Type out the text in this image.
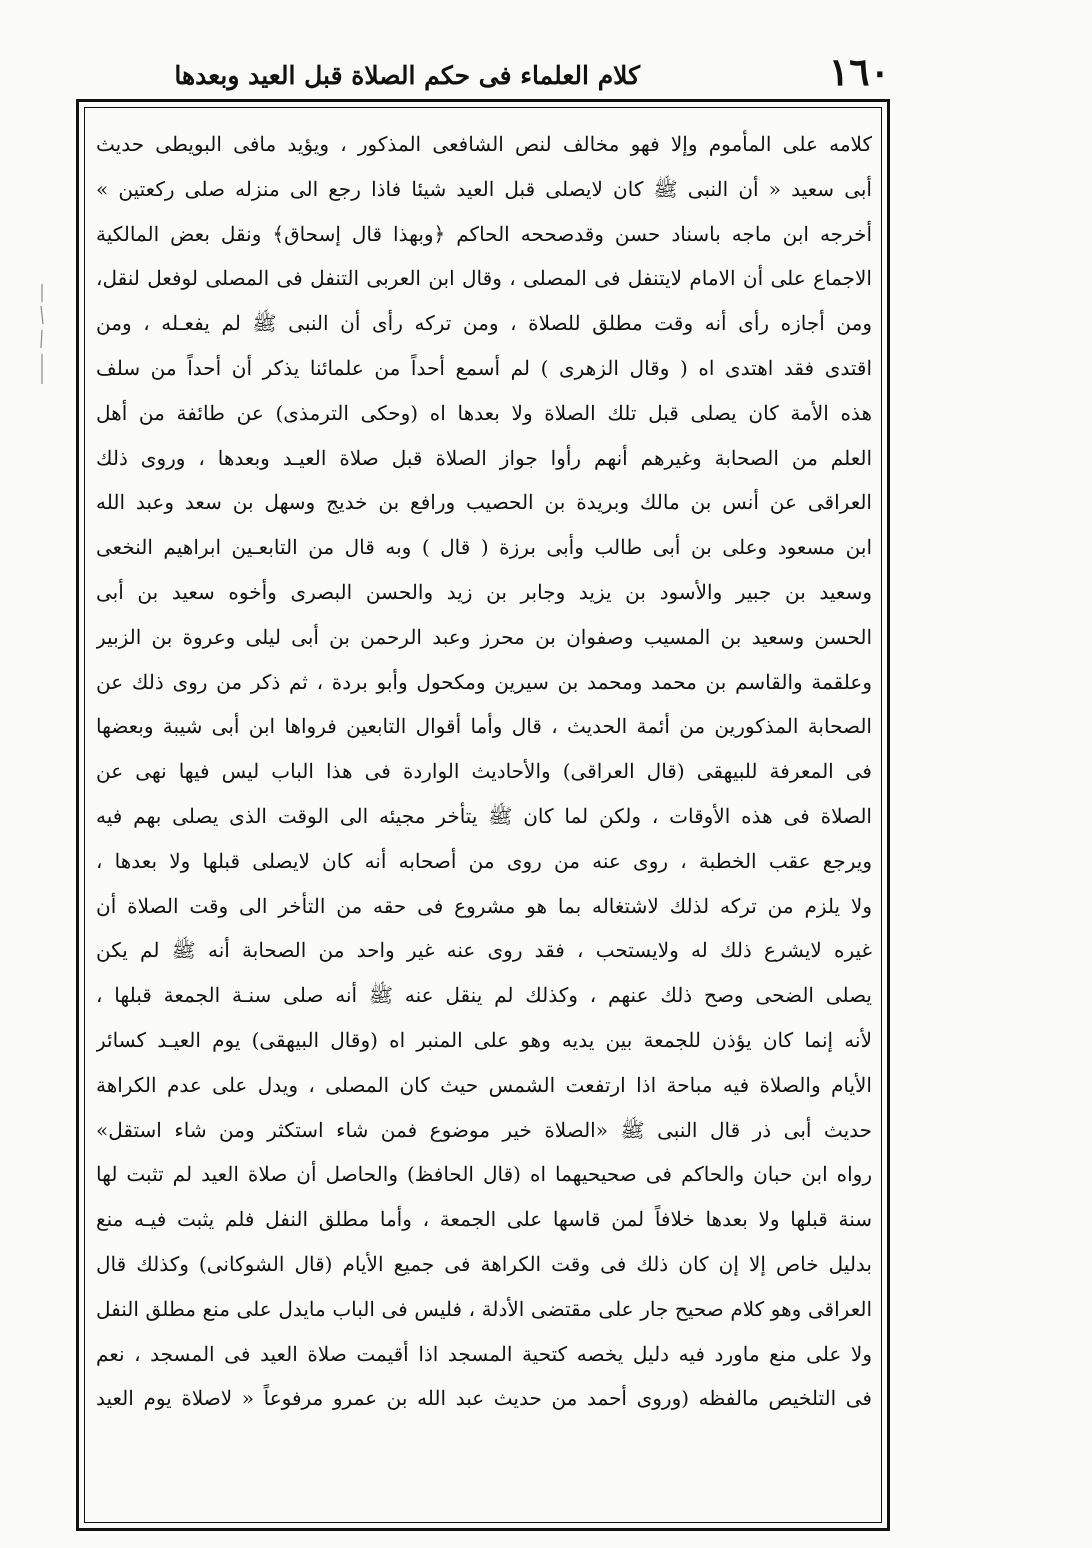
١٦٠
كلام العلماء فى حكم الصلاة قبل العيد وبعدها
كلامه على المأموم وإلا فهو مخالف لنص الشافعى المذكور ، ويؤيد مافى البويطى حديث
أبى سعيد « أن النبى ﷺ كان لايصلى قبل العيد شيئا فاذا رجع الى منزله صلى ركعتين »
أخرجه ابن ماجه باسناد حسن وقدصححه الحاكم ﴿وبهذا قال إسحاق﴾ ونقل بعض المالكية
الاجماع على أن الامام لايتنفل فى المصلى ، وقال ابن العربى التنفل فى المصلى لوفعل لنقل،
ومن أجازه رأى أنه وقت مطلق للصلاة ، ومن تركه رأى أن النبى ﷺ لم يفعـله ، ومن
اقتدى فقد اهتدى اه ( وقال الزهرى ) لم أسمع أحداً من علمائنا يذكر أن أحداً من سلف
هذه الأمة كان يصلى قبل تلك الصلاة ولا بعدها اه (وحكى الترمذى) عن طائفة من أهل
العلم من الصحابة وغيرهم أنهم رأوا جواز الصلاة قبل صلاة العيـد وبعدها ، وروى ذلك
العراقى عن أنس بن مالك وبريدة بن الحصيب ورافع بن خديج وسهل بن سعد وعبد الله
ابن مسعود وعلى بن أبى طالب وأبى برزة ( قال ) وبه قال من التابعـين ابراهيم النخعى
وسعيد بن جبير والأسود بن يزيد وجابر بن زيد والحسن البصرى وأخوه سعيد بن أبى
الحسن وسعيد بن المسيب وصفوان بن محرز وعبد الرحمن بن أبى ليلى وعروة بن الزبير
وعلقمة والقاسم بن محمد ومحمد بن سيرين ومكحول وأبو بردة ، ثم ذكر من روى ذلك عن
الصحابة المذكورين من أئمة الحديث ، قال وأما أقوال التابعين فرواها ابن أبى شيبة وبعضها
فى المعرفة للبيهقى (قال العراقى) والأحاديث الواردة فى هذا الباب ليس فيها نهى عن
الصلاة فى هذه الأوقات ، ولكن لما كان ﷺ يتأخر مجيئه الى الوقت الذى يصلى بهم فيه
ويرجع عقب الخطبة ، روى عنه من روى من أصحابه أنه كان لايصلى قبلها ولا بعدها ،
ولا يلزم من تركه لذلك لاشتغاله بما هو مشروع فى حقه من التأخر الى وقت الصلاة أن
غيره لايشرع ذلك له ولايستحب ، فقد روى عنه غير واحد من الصحابة أنه ﷺ لم يكن
يصلى الضحى وصح ذلك عنهم ، وكذلك لم ينقل عنه ﷺ أنه صلى سنـة الجمعة قبلها ،
لأنه إنما كان يؤذن للجمعة بين يديه وهو على المنبر اه (وقال البيهقى) يوم العيـد كسائر
الأيام والصلاة فيه مباحة اذا ارتفعت الشمس حيث كان المصلى ، ويدل على عدم الكراهة
حديث أبى ذر قال النبى ﷺ «الصلاة خير موضوع فمن شاء استكثر ومن شاء استقل»
رواه ابن حبان والحاكم فى صحيحيهما اه (قال الحافظ) والحاصل أن صلاة العيد لم تثبت لها
سنة قبلها ولا بعدها خلافاً لمن قاسها على الجمعة ، وأما مطلق النفل فلم يثبت فيـه منع
بدليل خاص إلا إن كان ذلك فى وقت الكراهة فى جميع الأيام (قال الشوكانى) وكذلك قال
العراقى وهو كلام صحيح جار على مقتضى الأدلة ، فليس فى الباب مايدل على منع مطلق النفل
ولا على منع ماورد فيه دليل يخصه كتحية المسجد اذا أقيمت صلاة العيد فى المسجد ، نعم
فى التلخيص مالفظه (وروى أحمد من حديث عبد الله بن عمرو مرفوعاً « لاصلاة يوم العيد
